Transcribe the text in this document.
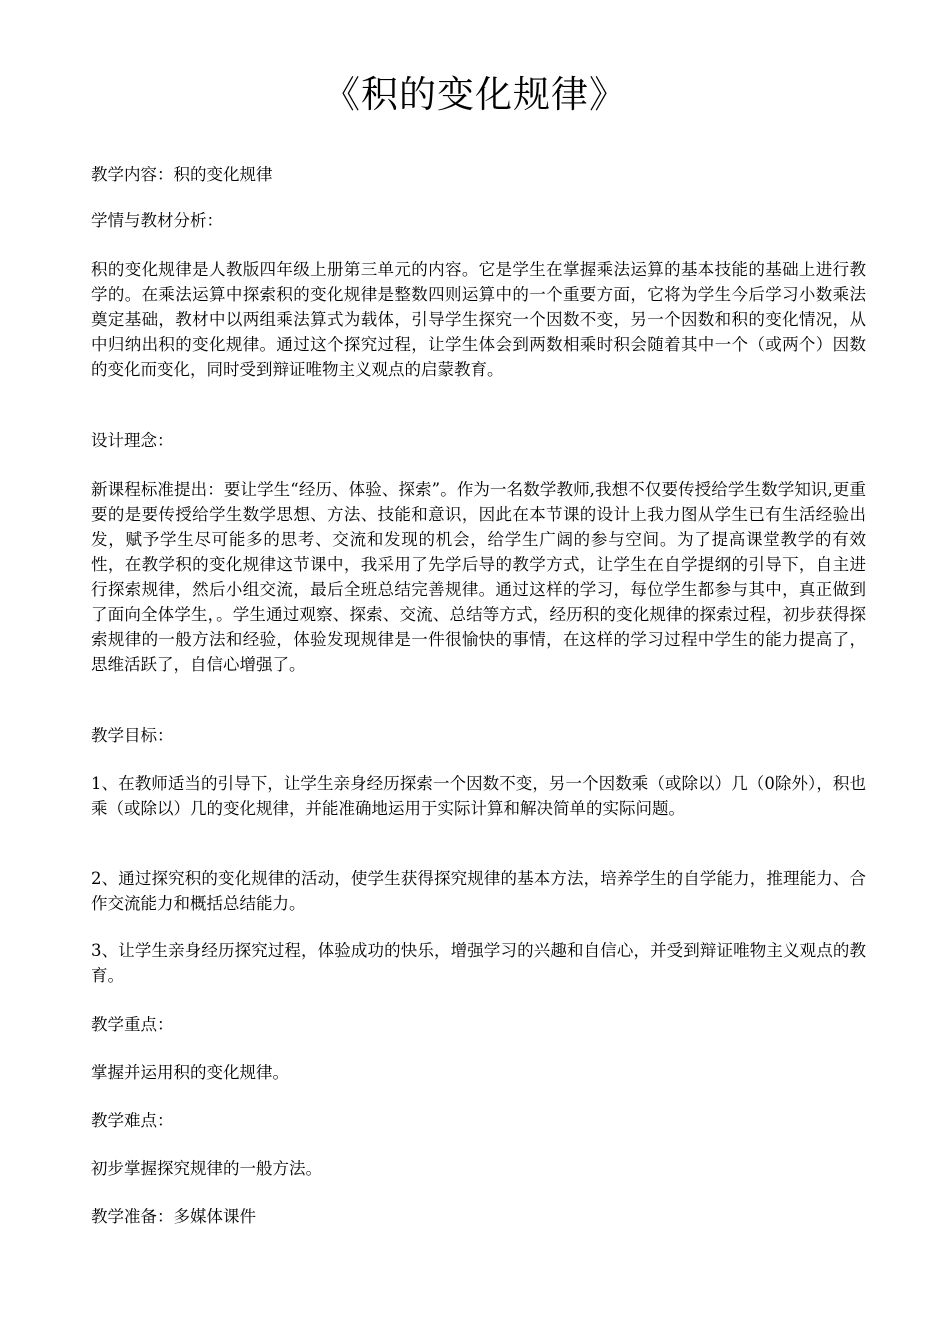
《积的变化规律》

教学内容：积的变化规律

学情与教材分析：

积的变化规律是人教版四年级上册第三单元的内容。它是学生在掌握乘法运算的基本技能的基础上进行教学的。在乘法运算中探索积的变化规律是整数四则运算中的一个重要方面，它将为学生今后学习小数乘法奠定基础，教材中以两组乘法算式为载体，引导学生探究一个因数不变，另一个因数和积的变化情况，从中归纳出积的变化规律。通过这个探究过程，让学生体会到两数相乘时积会随着其中一个（或两个）因数的变化而变化，同时受到辩证唯物主义观点的启蒙教育。

设计理念：

新课程标准提出：要让学生“经历、体验、探索”。作为一名数学教师,我想不仅要传授给学生数学知识,更重要的是要传授给学生数学思想、方法、技能和意识，因此在本节课的设计上我力图从学生已有生活经验出发，赋予学生尽可能多的思考、交流和发现的机会，给学生广阔的参与空间。为了提高课堂教学的有效性，在教学积的变化规律这节课中，我采用了先学后导的教学方式，让学生在自学提纲的引导下，自主进行探索规律，然后小组交流，最后全班总结完善规律。通过这样的学习，每位学生都参与其中，真正做到了面向全体学生，。学生通过观察、探索、交流、总结等方式，经历积的变化规律的探索过程，初步获得探索规律的一般方法和经验，体验发现规律是一件很愉快的事情，在这样的学习过程中学生的能力提高了，思维活跃了，自信心增强了。

教学目标：

1、在教师适当的引导下，让学生亲身经历探索一个因数不变，另一个因数乘（或除以）几（0除外），积也乘（或除以）几的变化规律，并能准确地运用于实际计算和解决简单的实际问题。

2、通过探究积的变化规律的活动，使学生获得探究规律的基本方法，培养学生的自学能力，推理能力、合作交流能力和概括总结能力。

3、让学生亲身经历探究过程，体验成功的快乐，增强学习的兴趣和自信心，并受到辩证唯物主义观点的教育。

教学重点：

掌握并运用积的变化规律。

教学难点：

初步掌握探究规律的一般方法。

教学准备：多媒体课件
